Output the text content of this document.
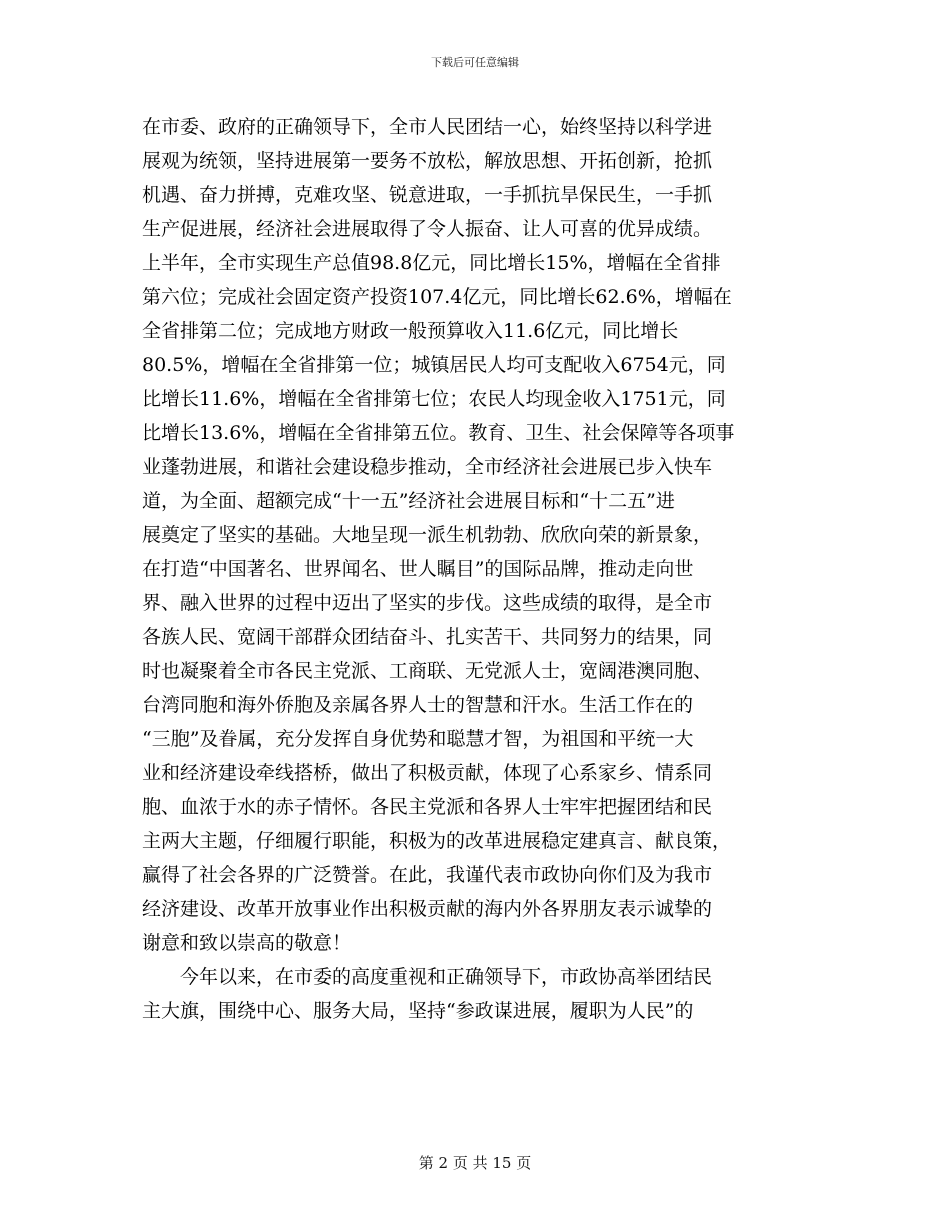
下载后可任意编辑
在市委、政府的正确领导下，全市人民团结一心，始终坚持以科学进
展观为统领，坚持进展第一要务不放松，解放思想、开拓创新，抢抓
机遇、奋力拼搏，克难攻坚、锐意进取，一手抓抗旱保民生，一手抓
生产促进展，经济社会进展取得了令人振奋、让人可喜的优异成绩。
上半年，全市实现生产总值98.8亿元，同比增长15%，增幅在全省排
第六位；完成社会固定资产投资107.4亿元，同比增长62.6%，增幅在
全省排第二位；完成地方财政一般预算收入11.6亿元，同比增长
80.5%，增幅在全省排第一位；城镇居民人均可支配收入6754元，同
比增长11.6%，增幅在全省排第七位；农民人均现金收入1751元，同
比增长13.6%，增幅在全省排第五位。教育、卫生、社会保障等各项事
业蓬勃进展，和谐社会建设稳步推动，全市经济社会进展已步入快车
道，为全面、超额完成“十一五”经济社会进展目标和“十二五”进
展奠定了坚实的基础。大地呈现一派生机勃勃、欣欣向荣的新景象，
在打造“中国著名、世界闻名、世人瞩目”的国际品牌，推动走向世
界、融入世界的过程中迈出了坚实的步伐。这些成绩的取得，是全市
各族人民、宽阔干部群众团结奋斗、扎实苦干、共同努力的结果，同
时也凝聚着全市各民主党派、工商联、无党派人士，宽阔港澳同胞、
台湾同胞和海外侨胞及亲属各界人士的智慧和汗水。生活工作在的
“三胞”及眷属，充分发挥自身优势和聪慧才智，为祖国和平统一大
业和经济建设牵线搭桥，做出了积极贡献，体现了心系家乡、情系同
胞、血浓于水的赤子情怀。各民主党派和各界人士牢牢把握团结和民
主两大主题，仔细履行职能，积极为的改革进展稳定建真言、献良策，
赢得了社会各界的广泛赞誉。在此，我谨代表市政协向你们及为我市
经济建设、改革开放事业作出积极贡献的海内外各界朋友表示诚挚的
谢意和致以崇高的敬意！
　　今年以来，在市委的高度重视和正确领导下，市政协高举团结民
主大旗，围绕中心、服务大局，坚持“参政谋进展，履职为人民”的
第 2 页 共 15 页
